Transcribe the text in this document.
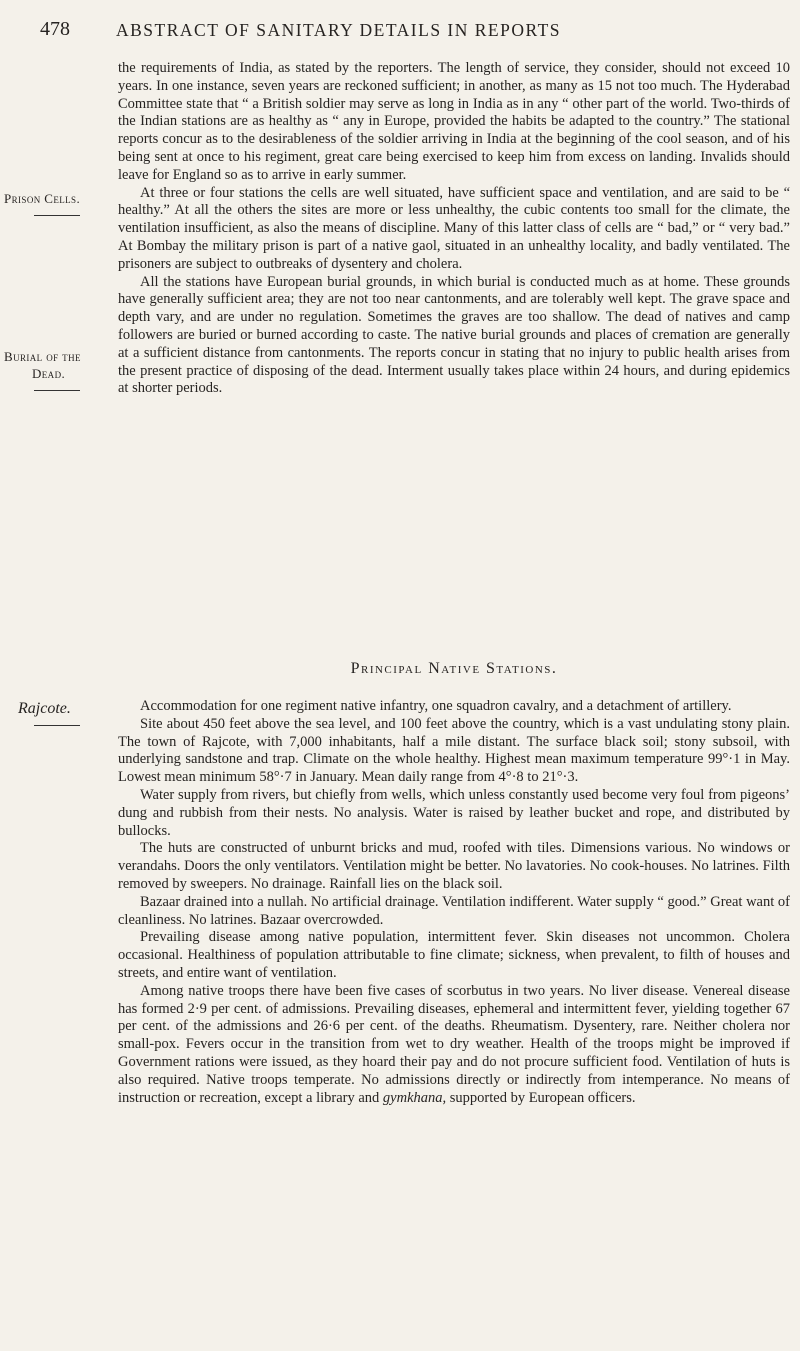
478	ABSTRACT OF SANITARY DETAILS IN REPORTS
Prison Cells.
Burial of the
Dead.
Rajcote.

the requirements of India, as stated by the reporters. The length of service, they consider, should not exceed 10 years. In one instance, seven years are reckoned sufficient; in another, as many as 15 not too much. The Hyderabad Committee state that “ a British soldier may serve as long in India as in any “ other part of the world. Two-thirds of the Indian stations are as healthy as “ any in Europe, provided the habits be adapted to the country.” The stational reports concur as to the desirableness of the soldier arriving in India at the beginning of the cool season, and of his being sent at once to his regiment, great care being exercised to keep him from excess on landing. Invalids should leave for England so as to arrive in early summer.

At three or four stations the cells are well situated, have sufficient space and ventilation, and are said to be “ healthy.” At all the others the sites are more or less unhealthy, the cubic contents too small for the climate, the ventilation insufficient, as also the means of discipline. Many of this latter class of cells are “ bad,” or “ very bad.” At Bombay the military prison is part of a native gaol, situated in an unhealthy locality, and badly ventilated. The prisoners are subject to outbreaks of dysentery and cholera.

All the stations have European burial grounds, in which burial is conducted much as at home. These grounds have generally sufficient area; they are not too near cantonments, and are tolerably well kept. The grave space and depth vary, and are under no regulation. Sometimes the graves are too shallow. The dead of natives and camp followers are buried or burned according to caste. The native burial grounds and places of cremation are generally at a sufficient distance from cantonments. The reports concur in stating that no injury to public health arises from the present practice of disposing of the dead. Interment usually takes place within 24 hours, and during epidemics at shorter periods.

Principal Native Stations.

Accommodation for one regiment native infantry, one squadron cavalry, and a detachment of artillery.

Site about 450 feet above the sea level, and 100 feet above the country, which is a vast undulating stony plain. The town of Rajcote, with 7,000 inhabitants, half a mile distant. The surface black soil; stony subsoil, with underlying sandstone and trap. Climate on the whole healthy. Highest mean maximum temperature 99°·1 in May. Lowest mean minimum 58°·7 in January. Mean daily range from 4°·8 to 21°·3.

Water supply from rivers, but chiefly from wells, which unless constantly used become very foul from pigeons’ dung and rubbish from their nests. No analysis. Water is raised by leather bucket and rope, and distributed by bullocks.

The huts are constructed of unburnt bricks and mud, roofed with tiles. Dimensions various. No windows or verandahs. Doors the only ventilators. Ventilation might be better. No lavatories. No cook-houses. No latrines. Filth removed by sweepers. No drainage. Rainfall lies on the black soil.

Bazaar drained into a nullah. No artificial drainage. Ventilation indifferent. Water supply “ good.” Great want of cleanliness. No latrines. Bazaar overcrowded.

Prevailing disease among native population, intermittent fever. Skin diseases not uncommon. Cholera occasional. Healthiness of population attributable to fine climate; sickness, when prevalent, to filth of houses and streets, and entire want of ventilation.

Among native troops there have been five cases of scorbutus in two years. No liver disease. Venereal disease has formed 2·9 per cent. of admissions. Prevailing diseases, ephemeral and intermittent fever, yielding together 67 per cent. of the admissions and 26·6 per cent. of the deaths. Rheumatism. Dysentery, rare. Neither cholera nor small-pox. Fevers occur in the transition from wet to dry weather. Health of the troops might be improved if Government rations were issued, as they hoard their pay and do not procure sufficient food. Ventilation of huts is also required. Native troops temperate. No admissions directly or indirectly from intemperance. No means of instruction or recreation, except a library and gymkhana, supported by European officers.
